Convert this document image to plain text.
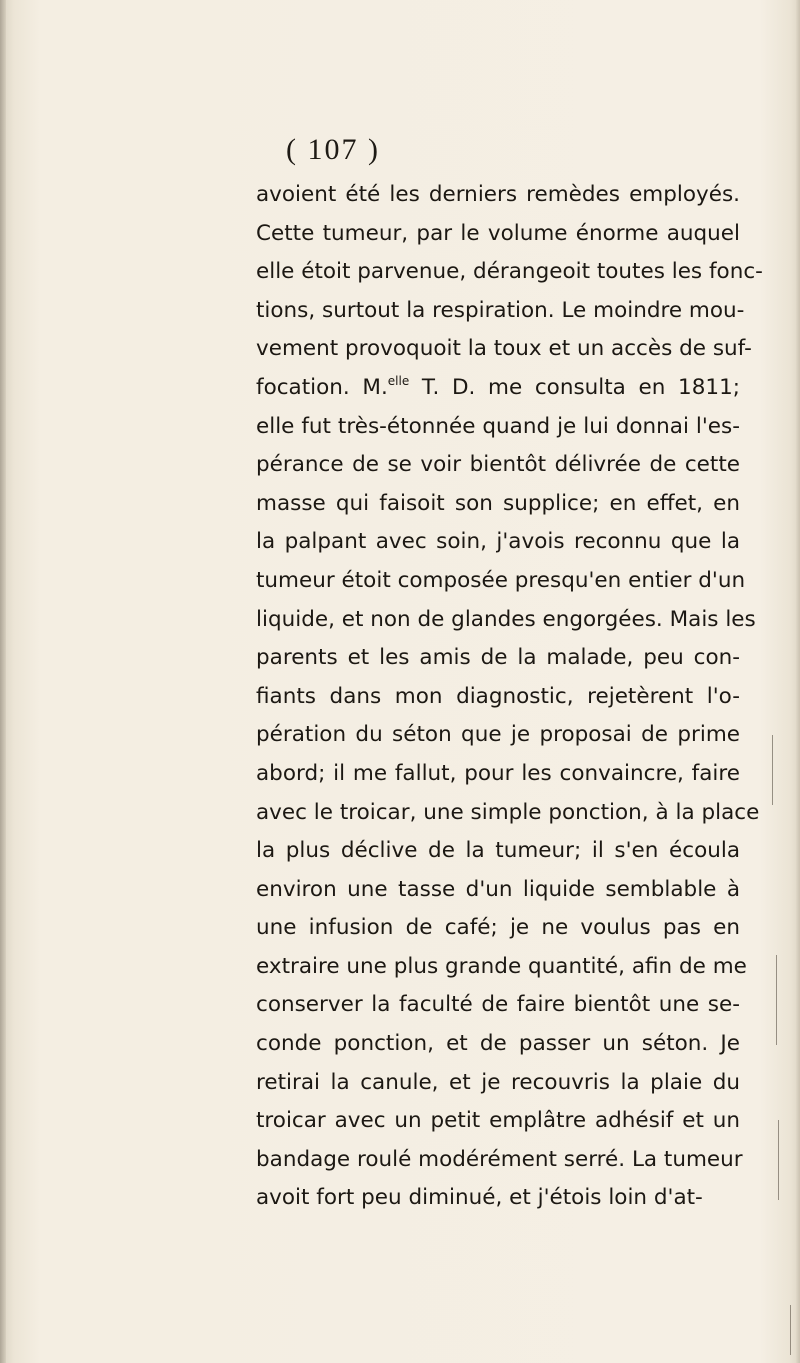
( 107 )
avoient été les derniers remèdes employés.
Cette tumeur, par le volume énorme auquel
elle étoit parvenue, dérangeoit toutes les fonc-
tions, surtout la respiration. Le moindre mou-
vement provoquoit la toux et un accès de suf-
focation. M.$^{elle}$ T. D. me consulta en 1811;
elle fut très-étonnée quand je lui donnai l'es-
pérance de se voir bientôt délivrée de cette
masse qui faisoit son supplice; en effet, en
la palpant avec soin, j'avois reconnu que la
tumeur étoit composée presqu'en entier d'un
liquide, et non de glandes engorgées. Mais les
parents et les amis de la malade, peu con-
fiants dans mon diagnostic, rejetèrent l'o-
pération du séton que je proposai de prime
abord; il me fallut, pour les convaincre, faire
avec le troicar, une simple ponction, à la place
la plus déclive de la tumeur; il s'en écoula
environ une tasse d'un liquide semblable à
une infusion de café; je ne voulus pas en
extraire une plus grande quantité, afin de me
conserver la faculté de faire bientôt une se-
conde ponction, et de passer un séton. Je
retirai la canule, et je recouvris la plaie du
troicar avec un petit emplâtre adhésif et un
bandage roulé modérément serré. La tumeur
avoit fort peu diminué, et j'étois loin d'at-
